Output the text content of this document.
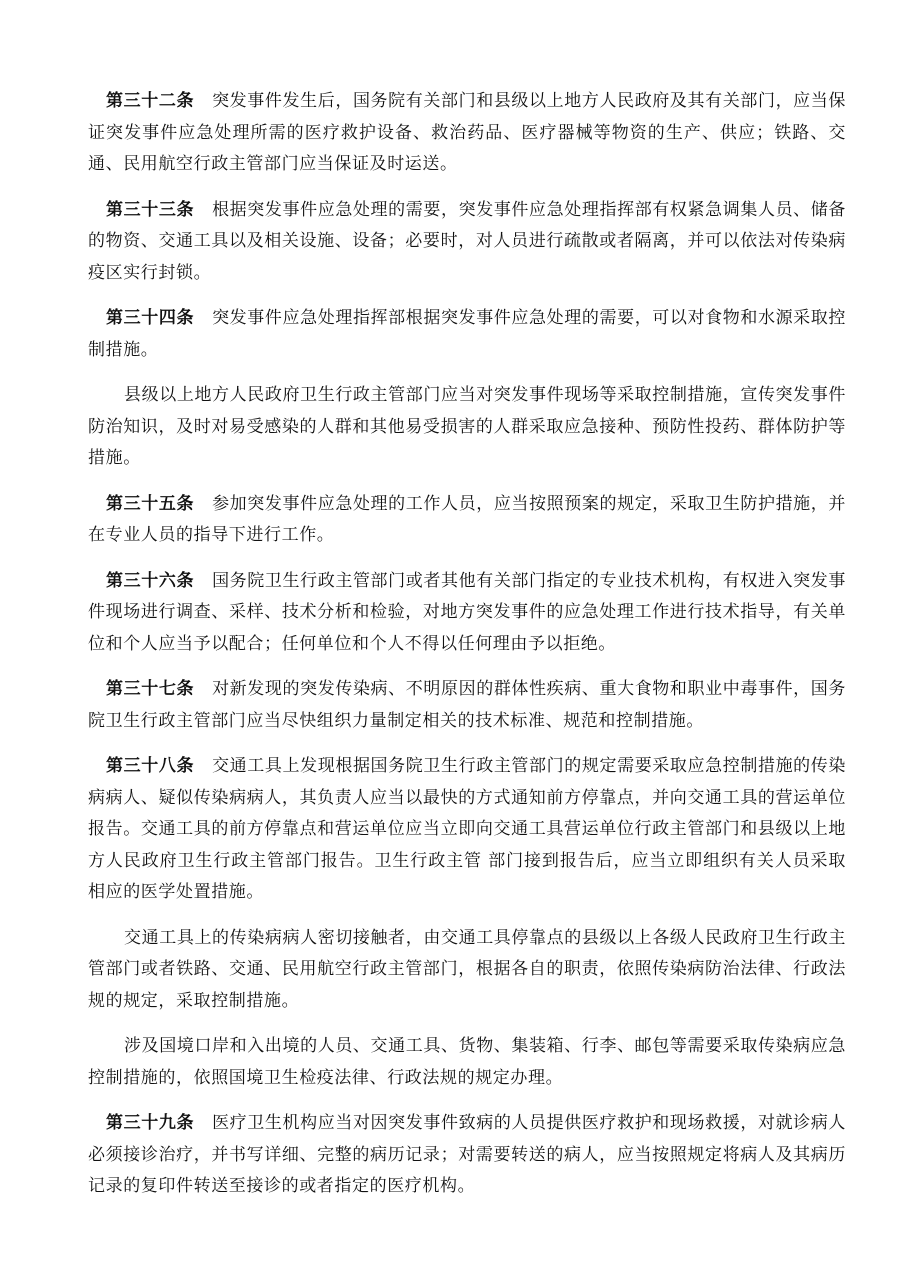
第三十二条 突发事件发生后，国务院有关部门和县级以上地方人民政府及其有关部门，应当保证突发事件应急处理所需的医疗救护设备、救治药品、医疗器械等物资的生产、供应；铁路、交通、民用航空行政主管部门应当保证及时运送。

第三十三条 根据突发事件应急处理的需要，突发事件应急处理指挥部有权紧急调集人员、储备的物资、交通工具以及相关设施、设备；必要时，对人员进行疏散或者隔离，并可以依法对传染病疫区实行封锁。

第三十四条 突发事件应急处理指挥部根据突发事件应急处理的需要，可以对食物和水源采取控制措施。

县级以上地方人民政府卫生行政主管部门应当对突发事件现场等采取控制措施，宣传突发事件防治知识，及时对易受感染的人群和其他易受损害的人群采取应急接种、预防性投药、群体防护等措施。

第三十五条 参加突发事件应急处理的工作人员，应当按照预案的规定，采取卫生防护措施，并在专业人员的指导下进行工作。

第三十六条 国务院卫生行政主管部门或者其他有关部门指定的专业技术机构，有权进入突发事件现场进行调查、采样、技术分析和检验，对地方突发事件的应急处理工作进行技术指导，有关单位和个人应当予以配合；任何单位和个人不得以任何理由予以拒绝。

第三十七条 对新发现的突发传染病、不明原因的群体性疾病、重大食物和职业中毒事件，国务院卫生行政主管部门应当尽快组织力量制定相关的技术标准、规范和控制措施。

第三十八条 交通工具上发现根据国务院卫生行政主管部门的规定需要采取应急控制措施的传染病病人、疑似传染病病人，其负责人应当以最快的方式通知前方停靠点，并向交通工具的营运单位报告。交通工具的前方停靠点和营运单位应当立即向交通工具营运单位行政主管部门和县级以上地方人民政府卫生行政主管部门报告。卫生行政主管 部门接到报告后，应当立即组织有关人员采取相应的医学处置措施。

交通工具上的传染病病人密切接触者，由交通工具停靠点的县级以上各级人民政府卫生行政主管部门或者铁路、交通、民用航空行政主管部门，根据各自的职责，依照传染病防治法律、行政法规的规定，采取控制措施。

涉及国境口岸和入出境的人员、交通工具、货物、集装箱、行李、邮包等需要采取传染病应急控制措施的，依照国境卫生检疫法律、行政法规的规定办理。

第三十九条 医疗卫生机构应当对因突发事件致病的人员提供医疗救护和现场救援，对就诊病人必须接诊治疗，并书写详细、完整的病历记录；对需要转送的病人，应当按照规定将病人及其病历记录的复印件转送至接诊的或者指定的医疗机构。
